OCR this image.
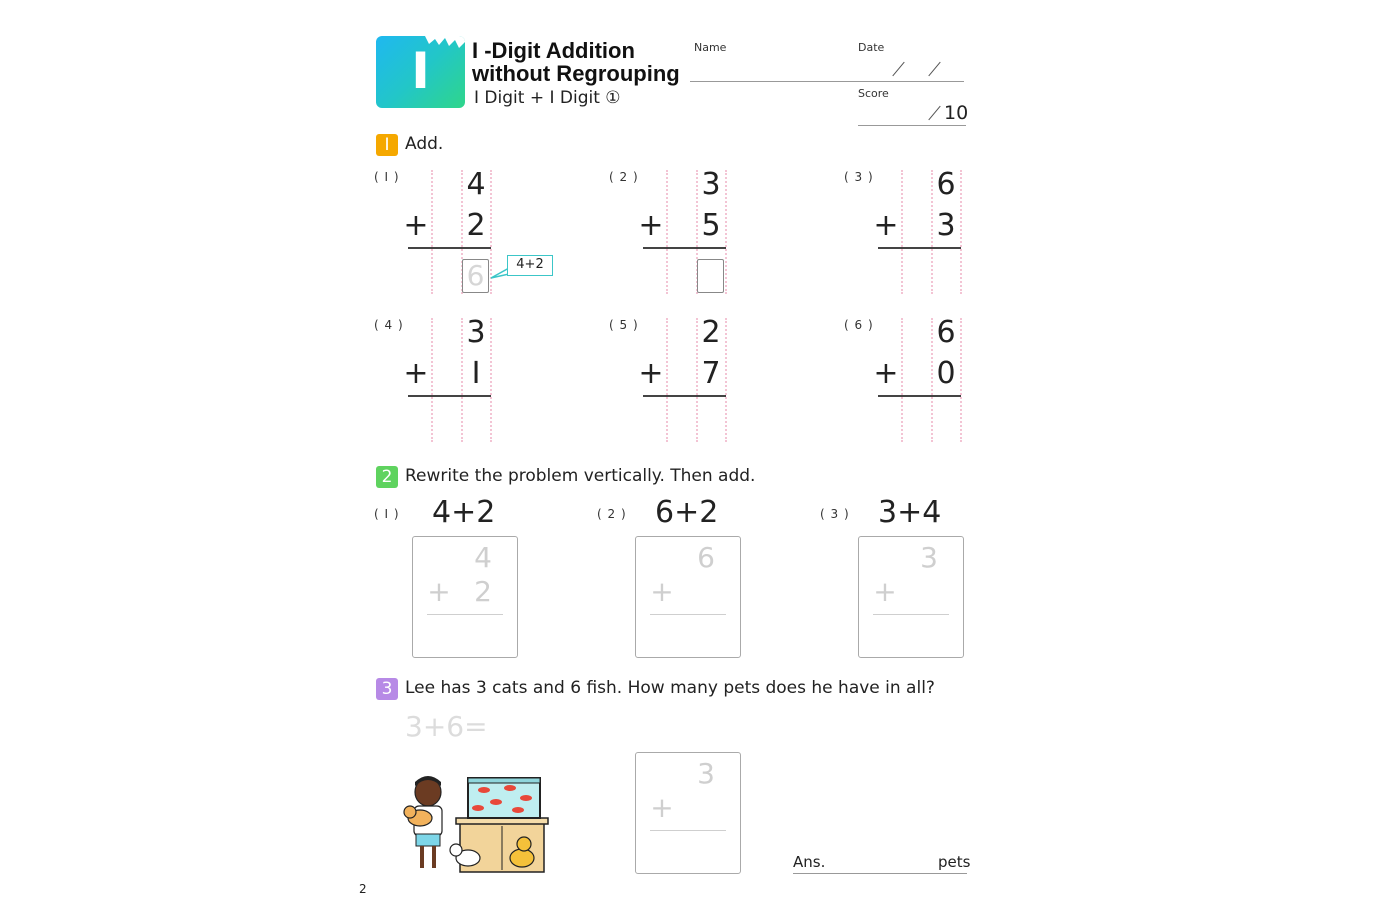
I	I -Digit Addition
without Regrouping
I Digit + I Digit ①
Name	Date
Score
10
I Add.
( I ) 4
+ 2
6	4+2
( 2 ) 3
+ 5
( 3 ) 6
+ 3
( 4 ) 3
+	I
( 5 ) 2
+ 7
( 6 ) 6
+ 0
2 Rewrite the problem vertically. Then add.
( I ) 4+2
4
+ 2
( 2 ) 6+2
6
+
( 3 ) 3+4
3
+
3 Lee has 3 cats and 6 fish. How many pets does he have in all?
3+6=
3
+
Ans.	pets
2
